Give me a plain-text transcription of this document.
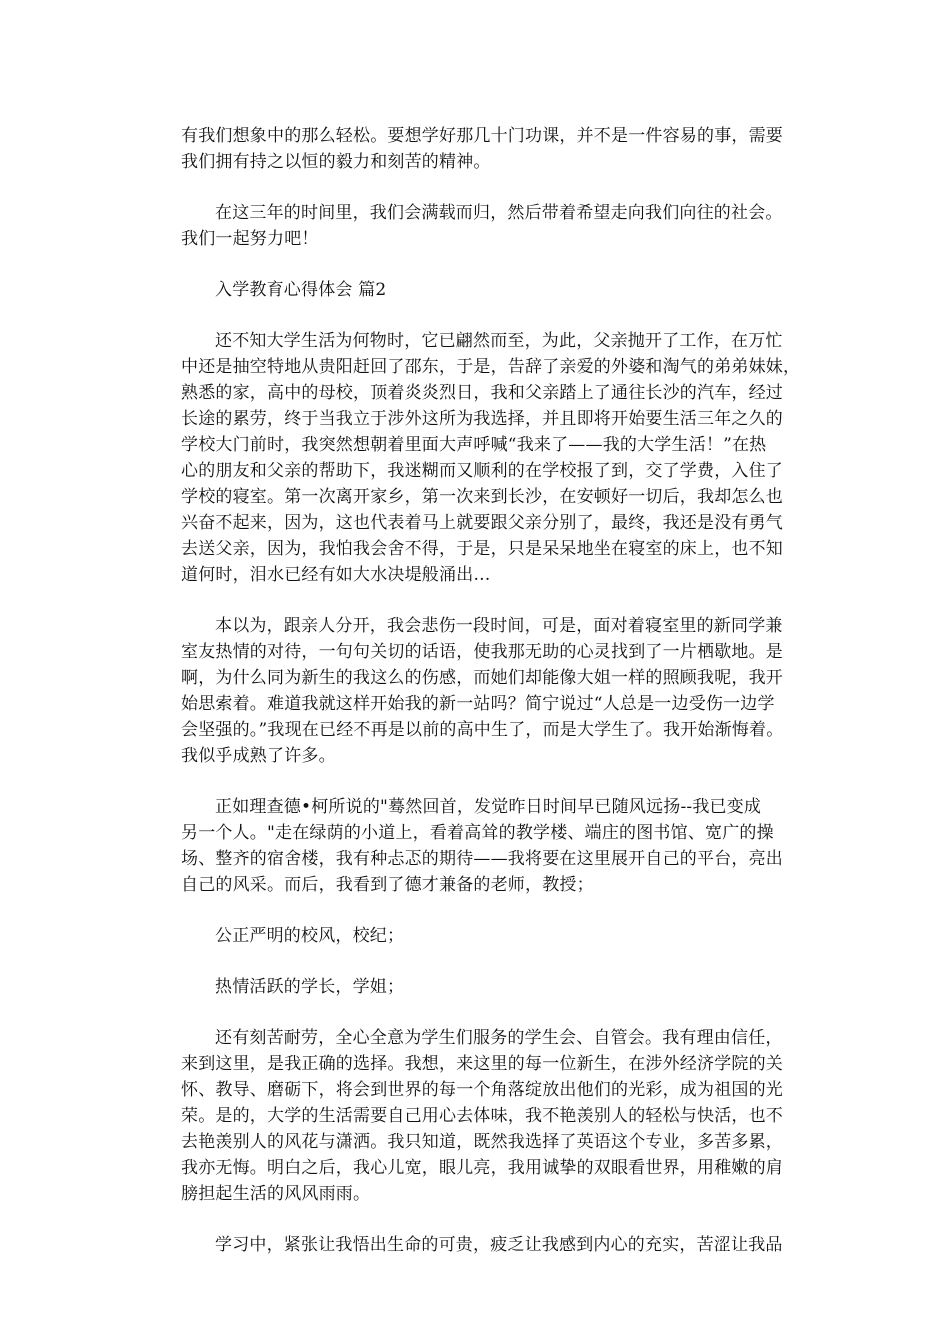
有我们想象中的那么轻松。要想学好那几十门功课，并不是一件容易的事，需要

我们拥有持之以恒的毅力和刻苦的精神。

在这三年的时间里，我们会满载而归，然后带着希望走向我们向往的社会。

我们一起努力吧！

入学教育心得体会 篇2

还不知大学生活为何物时，它已翩然而至，为此，父亲抛开了工作，在万忙

中还是抽空特地从贵阳赶回了邵东，于是，告辞了亲爱的外婆和淘气的弟弟妹妹，

熟悉的家，高中的母校，顶着炎炎烈日，我和父亲踏上了通往长沙的汽车，经过

长途的累劳，终于当我立于涉外这所为我选择，并且即将开始要生活三年之久的

学校大门前时，我突然想朝着里面大声呼喊“我来了——我的大学生活！”在热

心的朋友和父亲的帮助下，我迷糊而又顺利的在学校报了到，交了学费，入住了

学校的寝室。第一次离开家乡，第一次来到长沙，在安顿好一切后，我却怎么也

兴奋不起来，因为，这也代表着马上就要跟父亲分别了，最终，我还是没有勇气

去送父亲，因为，我怕我会舍不得，于是，只是呆呆地坐在寝室的床上，也不知

道何时，泪水已经有如大水决堤般涌出…

本以为，跟亲人分开，我会悲伤一段时间，可是，面对着寝室里的新同学兼

室友热情的对待，一句句关切的话语，使我那无助的心灵找到了一片栖歇地。是

啊，为什么同为新生的我这么的伤感，而她们却能像大姐一样的照顾我呢，我开

始思索着。难道我就这样开始我的新一站吗？简宁说过“人总是一边受伤一边学

会坚强的。”我现在已经不再是以前的高中生了，而是大学生了。我开始渐悔着。

我似乎成熟了许多。

正如理查德•柯所说的"蓦然回首，发觉昨日时间早已随风远扬--我已变成

另一个人。"走在绿荫的小道上，看着高耸的教学楼、端庄的图书馆、宽广的操

场、整齐的宿舍楼，我有种忐忑的期待——我将要在这里展开自己的平台，亮出

自己的风采。而后，我看到了德才兼备的老师，教授；

公正严明的校风，校纪；

热情活跃的学长，学姐；

还有刻苦耐劳，全心全意为学生们服务的学生会、自管会。我有理由信任，

来到这里，是我正确的选择。我想，来这里的每一位新生，在涉外经济学院的关

怀、教导、磨砺下，将会到世界的每一个角落绽放出他们的光彩，成为祖国的光

荣。是的，大学的生活需要自己用心去体味，我不艳羡别人的轻松与快活，也不

去艳羡别人的风花与潇洒。我只知道，既然我选择了英语这个专业，多苦多累，

我亦无悔。明白之后，我心儿宽，眼儿亮，我用诚挚的双眼看世界，用稚嫩的肩

膀担起生活的风风雨雨。

学习中，紧张让我悟出生命的可贵，疲乏让我感到内心的充实，苦涩让我品
